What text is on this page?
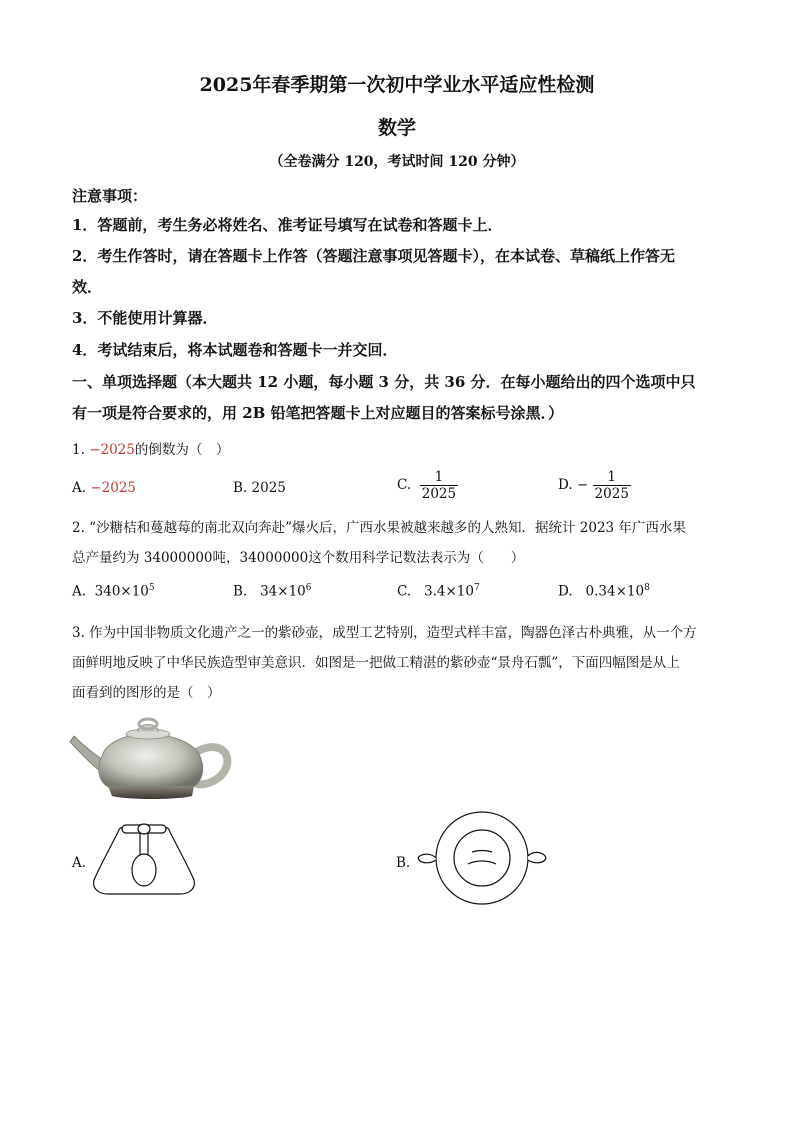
2025年春季期第一次初中学业水平适应性检测
数学
（全卷满分 120，考试时间 120 分钟）
注意事项：
1．答题前，考生务必将姓名、准考证号填写在试卷和答题卡上．
2．考生作答时，请在答题卡上作答（答题注意事项见答题卡），在本试卷、草稿纸上作答无
效．
3．不能使用计算器．
4．考试结束后，将本试题卷和答题卡一并交回．
一、单项选择题（本大题共 12 小题，每小题 3 分，共 36 分．在每小题给出的四个选项中只
有一项是符合要求的，用 2B 铅笔把答题卡上对应题目的答案标号涂黑．）
1. −2025的倒数为（　）
A. −2025	B. 2025	C. $\frac{1}{2025}$	D. − $\frac{1}{2025}$
2. “沙糖桔和蔓越莓的南北双向奔赴”爆火后，广西水果被越来越多的人熟知．据统计 2023 年广西水果
总产量约为 34000000吨，34000000这个数用科学记数法表示为（　　）
A. $340\times 10^5$	B. $34\times 10^6$	C. $3.4\times 10^7$	D. $0.34\times 10^8$
3. 作为中国非物质文化遗产之一的紫砂壶，成型工艺特别，造型式样丰富，陶器色泽古朴典雅，从一个方
面鲜明地反映了中华民族造型审美意识．如图是一把做工精湛的紫砂壶“景舟石瓢”，下面四幅图是从上
面看到的图形的是（　）
A.	B.
